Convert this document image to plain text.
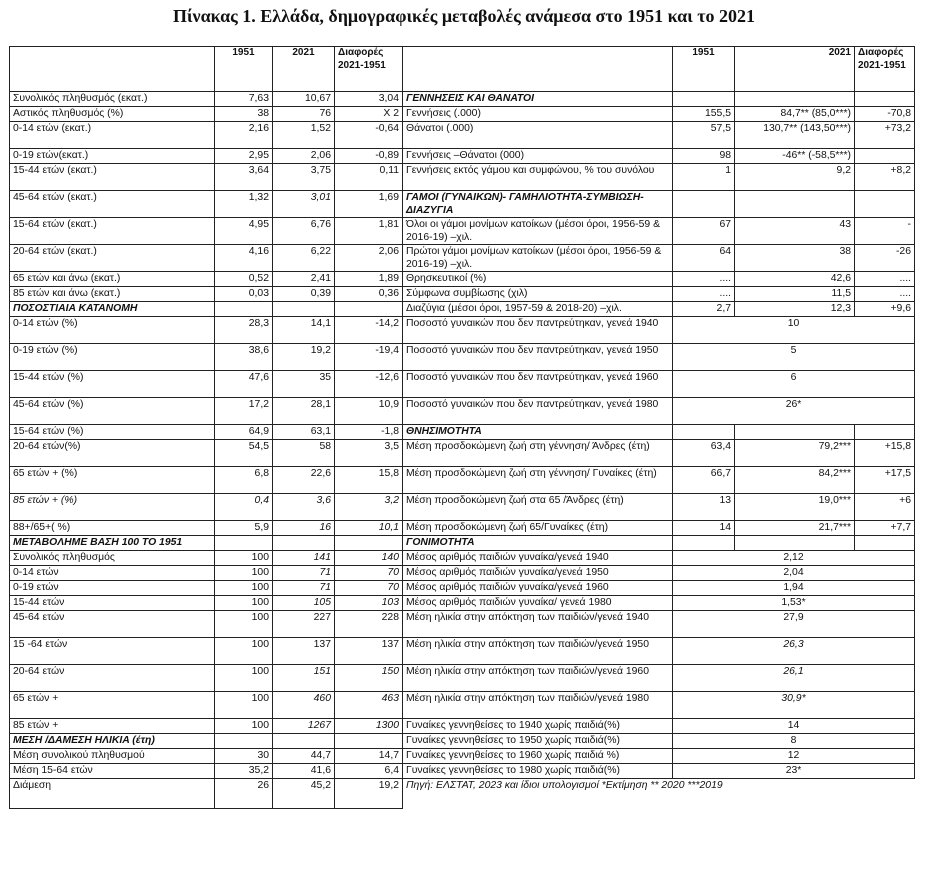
Πίνακας 1. Ελλάδα, δημογραφικές μεταβολές ανάμεσα στο 1951 και το 2021
	1951	2021	Διαφορές 2021-1951		1951	2021	Διαφορές 2021-1951
Συνολικός πληθυσμός (εκατ.)	7,63	10,67	3,04	ΓΕΝΝΗΣΕΙΣ ΚΑΙ ΘΑΝΑΤΟΙ			
Αστικός πληθυσμός (%)	38	76	Χ 2	Γεννήσεις (.000)	155,5	84,7** (85,0***)	-70,8
0-14 ετών (εκατ.)	2,16	1,52	-0,64	Θάνατοι (.000)	57,5	130,7** (143,50***)	+73,2
0-19 ετών(εκατ.)	2,95	2,06	-0,89	Γεννήσεις –Θάνατοι (000)	98	-46** (-58,5***)	
15-44 ετών (εκατ.)	3,64	3,75	0,11	Γεννήσεις εκτός γάμου και συμφώνου, % του συνόλου	1	9,2	+8,2
45-64 ετών (εκατ.)	1,32	3,01	1,69	ΓΑΜΟΙ (ΓΥΝΑΙΚΩΝ)- ΓΑΜΗΛΙΟΤΗΤΑ-ΣΥΜΒΙΩΣΗ-ΔΙΑΖΥΓΙΑ			
15-64 ετών (εκατ.)	4,95	6,76	1,81	Όλοι οι γάμοι μονίμων κατοίκων (μέσοι όροι, 1956-59 & 2016-19) –χιλ.	67	43	-
20-64 ετών (εκατ.)	4,16	6,22	2,06	Πρώτοι γάμοι μονίμων κατοίκων (μέσοι όροι, 1956-59 & 2016-19) –χιλ.	64	38	-26
65 ετών και άνω (εκατ.)	0,52	2,41	1,89	Θρησκευτικοί (%)	....	42,6	....
85 ετών και άνω (εκατ.)	0,03	0,39	0,36	Σύμφωνα συμβίωσης (χιλ)	....	11,5	....
ΠΟΣΟΣΤΙΑΙΑ ΚΑΤΑΝΟΜΗ				Διαζύγια (μέσοι όροι, 1957-59 & 2018-20) –χιλ.	2,7	12,3	+9,6
0-14 ετών (%)	28,3	14,1	-14,2	Ποσοστό γυναικών που δεν παντρεύτηκαν, γενεά 1940	10		
0-19 ετών (%)	38,6	19,2	-19,4	Ποσοστό γυναικών που δεν παντρεύτηκαν, γενεά 1950	5		
15-44 ετών (%)	47,6	35	-12,6	Ποσοστό γυναικών που δεν παντρεύτηκαν, γενεά 1960	6		
45-64 ετών (%)	17,2	28,1	10,9	Ποσοστό γυναικών που δεν παντρεύτηκαν, γενεά 1980	26*		
15-64 ετών (%)	64,9	63,1	-1,8	ΘΝΗΣΙΜΟΤΗΤΑ			
20-64 ετών(%)	54,5	58	3,5	Μέση προσδοκώμενη ζωή στη γέννηση/ Άνδρες (έτη)	63,4	79,2***	+15,8
65 ετών + (%)	6,8	22,6	15,8	Μέση προσδοκώμενη ζωή στη γέννηση/ Γυναίκες (έτη)	66,7	84,2***	+17,5
85 ετών + (%)	0,4	3,6	3,2	Μέση προσδοκώμενη ζωή στα 65 /Άνδρες (έτη)	13	19,0***	+6
88+/65+( %)	5,9	16	10,1	Μέση προσδοκώμενη ζωή 65/Γυναίκες (έτη)	14	21,7***	+7,7
ΜΕΤΑΒΟΛΗΜΕ ΒΑΣΗ 100 ΤΟ 1951				ΓΟΝΙΜΟΤΗΤΑ			
Συνολικός πληθυσμός	100	141	140	Μέσος αριθμός παιδιών γυναίκα/γενεά 1940	2,12		
0-14 ετών	100	71	70	Μέσος αριθμός παιδιών γυναίκα/γενεά 1950	2,04		
0-19 ετών	100	71	70	Μέσος αριθμός παιδιών γυναίκα/γενεά 1960	1,94		
15-44 ετών	100	105	103	Μέσος αριθμός παιδιών γυναίκα/ γενεά 1980	1,53*		
45-64 ετών	100	227	228	Μέση ηλικία στην απόκτηση των παιδιών/γενεά 1940	27,9		
15 -64 ετών	100	137	137	Μέση ηλικία στην απόκτηση των παιδιών/γενεά 1950	26,3		
20-64 ετών	100	151	150	Μέση ηλικία στην απόκτηση των παιδιών/γενεά 1960	26,1		
65 ετών +	100	460	463	Μέση ηλικία στην απόκτηση των παιδιών/γενεά 1980	30,9*		
85 ετών +	100	1267	1300	Γυναίκες γεννηθείσες το 1940 χωρίς παιδιά(%)	14		
ΜΕΣΗ /ΔΑΜΕΣΗ ΗΛΙΚΙΑ (έτη)				Γυναίκες γεννηθείσες το 1950 χωρίς παιδιά(%)	8		
Μέση συνολικού πληθυσμού	30	44,7	14,7	Γυναίκες γεννηθείσες το 1960 χωρίς παιδιά %)	12		
Μέση 15-64 ετών	35,2	41,6	6,4	Γυναίκες γεννηθείσες το 1980 χωρίς παιδιά(%)	23*		
Διάμεση	26	45,2	19,2	Πηγή: ΕΛΣΤΑΤ, 2023 και ίδιοι υπολογισμοί *Εκτίμηση ** 2020 ***2019			
